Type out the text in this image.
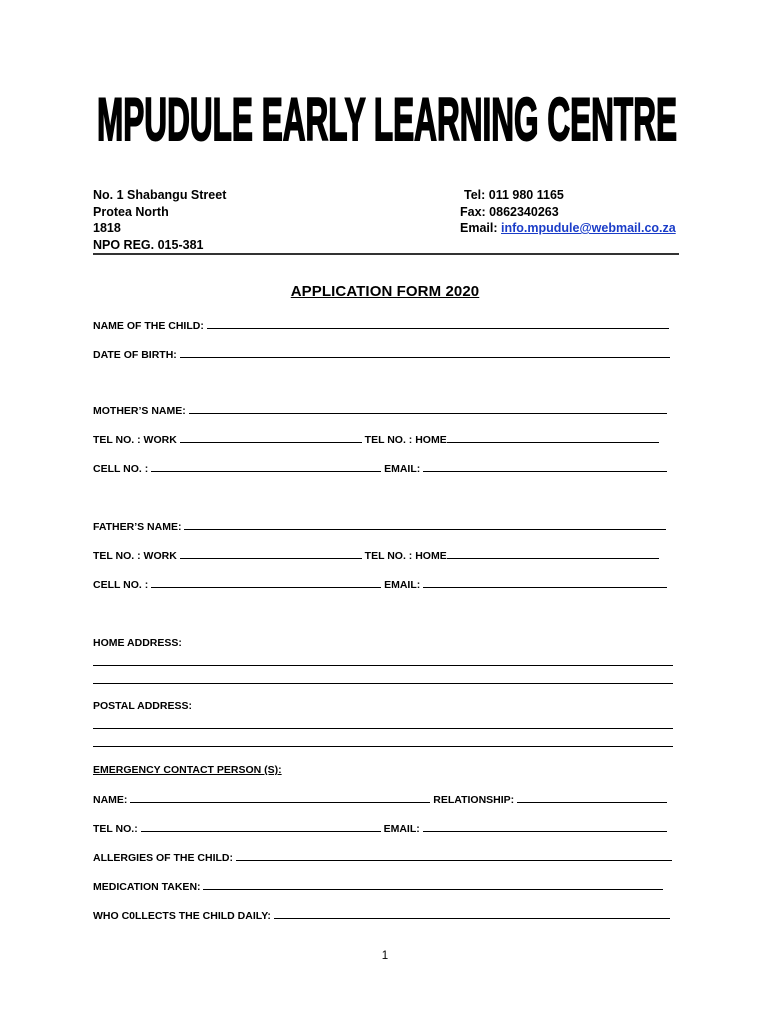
MPUDULE EARLY LEARNING CENTRE
No. 1 Shabangu Street
Protea North
1818
NPO REG. 015-381
Tel: 011 980 1165
Fax: 0862340263
Email: info.mpudule@webmail.co.za
APPLICATION FORM 2020
NAME OF THE CHILD:
DATE OF BIRTH:
MOTHER’S NAME:
TEL NO. : WORK	TEL NO. : HOME
CELL NO. :	EMAIL:
FATHER’S NAME:
TEL NO. : WORK	TEL NO. : HOME
CELL NO. :	EMAIL:
HOME ADDRESS:
POSTAL ADDRESS:
EMERGENCY CONTACT PERSON (S):
NAME:	RELATIONSHIP:
TEL NO.:	EMAIL:
ALLERGIES OF THE CHILD:
MEDICATION TAKEN:
WHO C0LLECTS THE CHILD DAILY:
1
